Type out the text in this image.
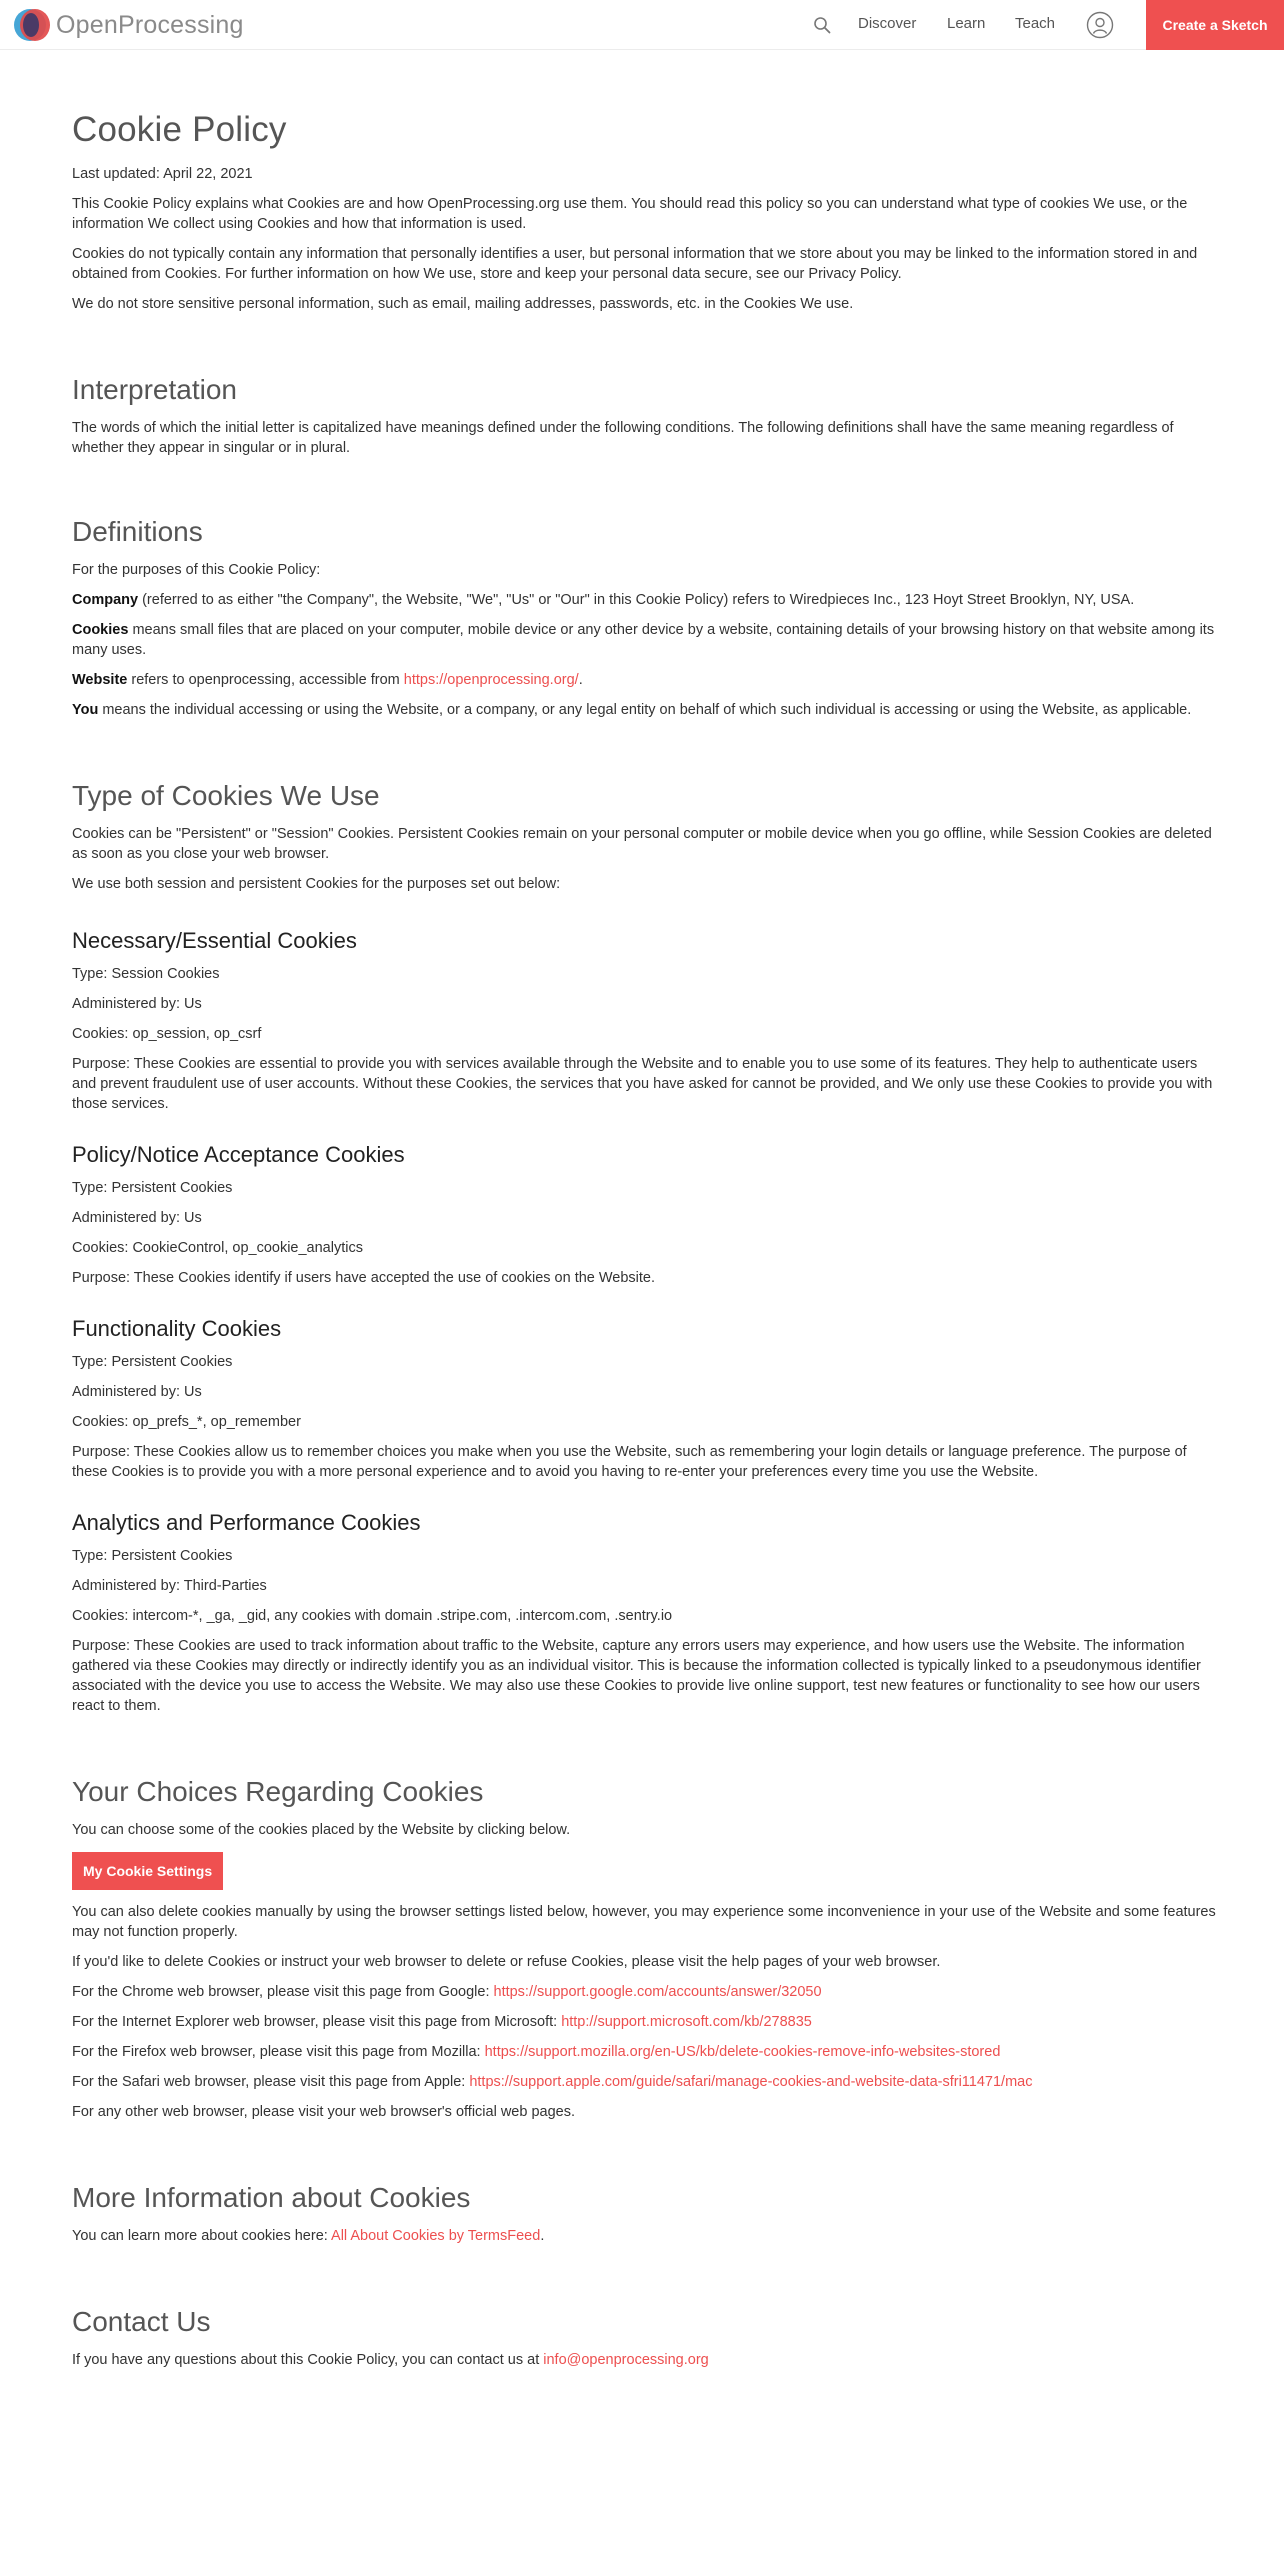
OpenProcessing	Discover Learn Teach	Create a Sketch
Cookie Policy

Last updated: April 22, 2021

This Cookie Policy explains what Cookies are and how OpenProcessing.org use them. You should read this policy so you can understand what type of cookies We use, or the information We collect using Cookies and how that information is used.

Cookies do not typically contain any information that personally identifies a user, but personal information that we store about you may be linked to the information stored in and obtained from Cookies. For further information on how We use, store and keep your personal data secure, see our Privacy Policy.

We do not store sensitive personal information, such as email, mailing addresses, passwords, etc. in the Cookies We use.

Interpretation

The words of which the initial letter is capitalized have meanings defined under the following conditions. The following definitions shall have the same meaning regardless of whether they appear in singular or in plural.

Definitions

For the purposes of this Cookie Policy:

Company (referred to as either "the Company", the Website, "We", "Us" or "Our" in this Cookie Policy) refers to Wiredpieces Inc., 123 Hoyt Street Brooklyn, NY, USA.

Cookies means small files that are placed on your computer, mobile device or any other device by a website, containing details of your browsing history on that website among its many uses.

Website refers to openprocessing, accessible from https://openprocessing.org/.

You means the individual accessing or using the Website, or a company, or any legal entity on behalf of which such individual is accessing or using the Website, as applicable.

Type of Cookies We Use

Cookies can be "Persistent" or "Session" Cookies. Persistent Cookies remain on your personal computer or mobile device when you go offline, while Session Cookies are deleted as soon as you close your web browser.

We use both session and persistent Cookies for the purposes set out below:

Necessary/Essential Cookies

Type: Session Cookies

Administered by: Us

Cookies: op_session, op_csrf

Purpose: These Cookies are essential to provide you with services available through the Website and to enable you to use some of its features. They help to authenticate users and prevent fraudulent use of user accounts. Without these Cookies, the services that you have asked for cannot be provided, and We only use these Cookies to provide you with those services.

Policy/Notice Acceptance Cookies

Type: Persistent Cookies

Administered by: Us

Cookies: CookieControl, op_cookie_analytics

Purpose: These Cookies identify if users have accepted the use of cookies on the Website.

Functionality Cookies

Type: Persistent Cookies

Administered by: Us

Cookies: op_prefs_*, op_remember

Purpose: These Cookies allow us to remember choices you make when you use the Website, such as remembering your login details or language preference. The purpose of these Cookies is to provide you with a more personal experience and to avoid you having to re-enter your preferences every time you use the Website.

Analytics and Performance Cookies

Type: Persistent Cookies

Administered by: Third-Parties

Cookies: intercom-*, _ga, _gid, any cookies with domain .stripe.com, .intercom.com, .sentry.io

Purpose: These Cookies are used to track information about traffic to the Website, capture any errors users may experience, and how users use the Website. The information gathered via these Cookies may directly or indirectly identify you as an individual visitor. This is because the information collected is typically linked to a pseudonymous identifier associated with the device you use to access the Website. We may also use these Cookies to provide live online support, test new features or functionality to see how our users react to them.

Your Choices Regarding Cookies

You can choose some of the cookies placed by the Website by clicking below.

My Cookie Settings

You can also delete cookies manually by using the browser settings listed below, however, you may experience some inconvenience in your use of the Website and some features may not function properly.

If you'd like to delete Cookies or instruct your web browser to delete or refuse Cookies, please visit the help pages of your web browser.

For the Chrome web browser, please visit this page from Google: https://support.google.com/accounts/answer/32050

For the Internet Explorer web browser, please visit this page from Microsoft: http://support.microsoft.com/kb/278835

For the Firefox web browser, please visit this page from Mozilla: https://support.mozilla.org/en-US/kb/delete-cookies-remove-info-websites-stored

For the Safari web browser, please visit this page from Apple: https://support.apple.com/guide/safari/manage-cookies-and-website-data-sfri11471/mac

For any other web browser, please visit your web browser's official web pages.

More Information about Cookies

You can learn more about cookies here: All About Cookies by TermsFeed.

Contact Us

If you have any questions about this Cookie Policy, you can contact us at info@openprocessing.org
